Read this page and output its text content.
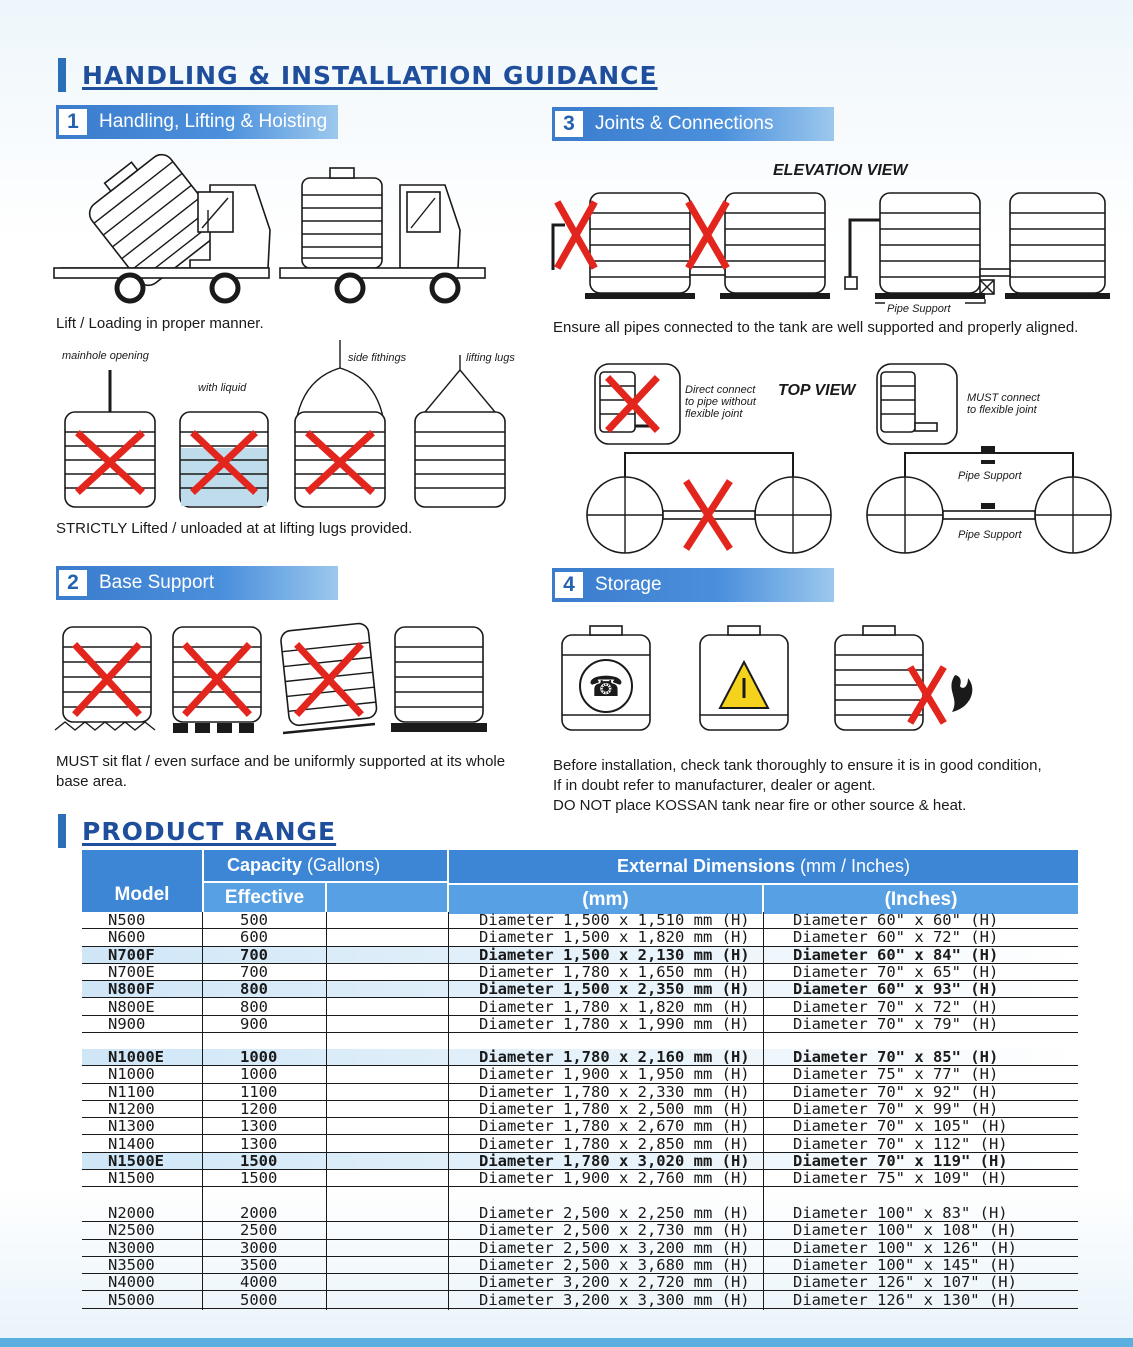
HANDLING & INSTALLATION GUIDANCE
1	Handling, Lifting & Hoisting
Lift / Loading in proper manner.
mainhole opening
with liquid
side fithings	lifting lugs
STRICTLY Lifted / unloaded at at lifting lugs provided.
2	Base Support
MUST sit flat / even surface and be uniformly supported at its whole base area.
3	Joints & Connections
ELEVATION VIEW
Pipe Support
Ensure all pipes connected to the tank are well supported and properly aligned.
TOP VIEW
Direct connect to pipe without flexible joint
MUST connect to flexible joint
Pipe Support
Pipe Support
4	Storage
☎
Before installation, check tank thoroughly to ensure it is in good condition,
If in doubt refer to manufacturer, dealer or agent.
DO NOT place KOSSAN tank near fire or other source & heat.
PRODUCT RANGE
Model
Capacity (Gallons)
Effective
External Dimensions (mm / Inches)
(mm)	(Inches)
N500	500	Diameter 1,500 x 1,510 mm (H)	Diameter 60" x 60" (H)
N600	600	Diameter 1,500 x 1,820 mm (H)	Diameter 60" x 72" (H)
N700F	700	Diameter 1,500 x 2,130 mm (H)	Diameter 60" x 84" (H)
N700E	700	Diameter 1,780 x 1,650 mm (H)	Diameter 70" x 65" (H)
N800F	800	Diameter 1,500 x 2,350 mm (H)	Diameter 60" x 93" (H)
N800E	800	Diameter 1,780 x 1,820 mm (H)	Diameter 70" x 72" (H)
N900	900	Diameter 1,780 x 1,990 mm (H)	Diameter 70" x 79" (H)
N1000E	1000	Diameter 1,780 x 2,160 mm (H)	Diameter 70" x 85" (H)
N1000	1000	Diameter 1,900 x 1,950 mm (H)	Diameter 75" x 77" (H)
N1100	1100	Diameter 1,780 x 2,330 mm (H)	Diameter 70" x 92" (H)
N1200	1200	Diameter 1,780 x 2,500 mm (H)	Diameter 70" x 99" (H)
N1300	1300	Diameter 1,780 x 2,670 mm (H)	Diameter 70" x 105" (H)
N1400	1300	Diameter 1,780 x 2,850 mm (H)	Diameter 70" x 112" (H)
N1500E	1500	Diameter 1,780 x 3,020 mm (H)	Diameter 70" x 119" (H)
N1500	1500	Diameter 1,900 x 2,760 mm (H)	Diameter 75" x 109" (H)
N2000	2000	Diameter 2,500 x 2,250 mm (H)	Diameter 100" x 83" (H)
N2500	2500	Diameter 2,500 x 2,730 mm (H)	Diameter 100" x 108" (H)
N3000	3000	Diameter 2,500 x 3,200 mm (H)	Diameter 100" x 126" (H)
N3500	3500	Diameter 2,500 x 3,680 mm (H)	Diameter 100" x 145" (H)
N4000	4000	Diameter 3,200 x 2,720 mm (H)	Diameter 126" x 107" (H)
N5000	5000	Diameter 3,200 x 3,300 mm (H)	Diameter 126" x 130" (H)
